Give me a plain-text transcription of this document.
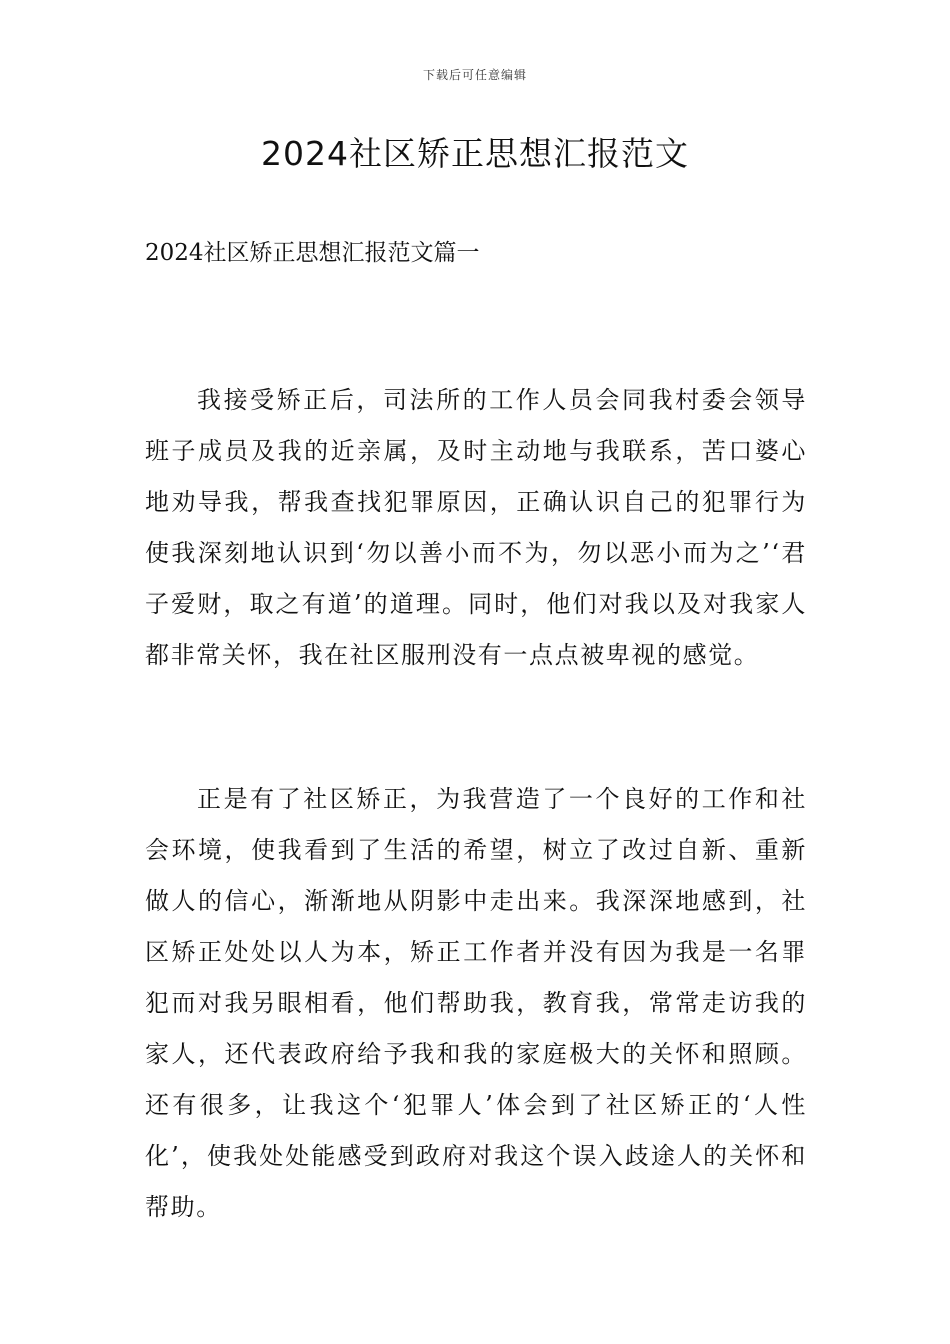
下载后可任意编辑
2024社区矫正思想汇报范文
2024社区矫正思想汇报范文篇一

我接受矫正后，司法所的工作人员会同我村委会领导班子成员及我的近亲属，及时主动地与我联系，苦口婆心地劝导我，帮我查找犯罪原因，正确认识自己的犯罪行为使我深刻地认识到‘勿以善小而不为，勿以恶小而为之’‘君子爱财，取之有道’的道理。同时，他们对我以及对我家人都非常关怀，我在社区服刑没有一点点被卑视的感觉。

正是有了社区矫正，为我营造了一个良好的工作和社会环境，使我看到了生活的希望，树立了改过自新、重新做人的信心，渐渐地从阴影中走出来。我深深地感到，社区矫正处处以人为本，矫正工作者并没有因为我是一名罪犯而对我另眼相看，他们帮助我，教育我，常常走访我的家人，还代表政府给予我和我的家庭极大的关怀和照顾。还有很多，让我这个‘犯罪人’体会到了社区矫正的‘人性化’，使我处处能感受到政府对我这个误入歧途人的关怀和帮助。
